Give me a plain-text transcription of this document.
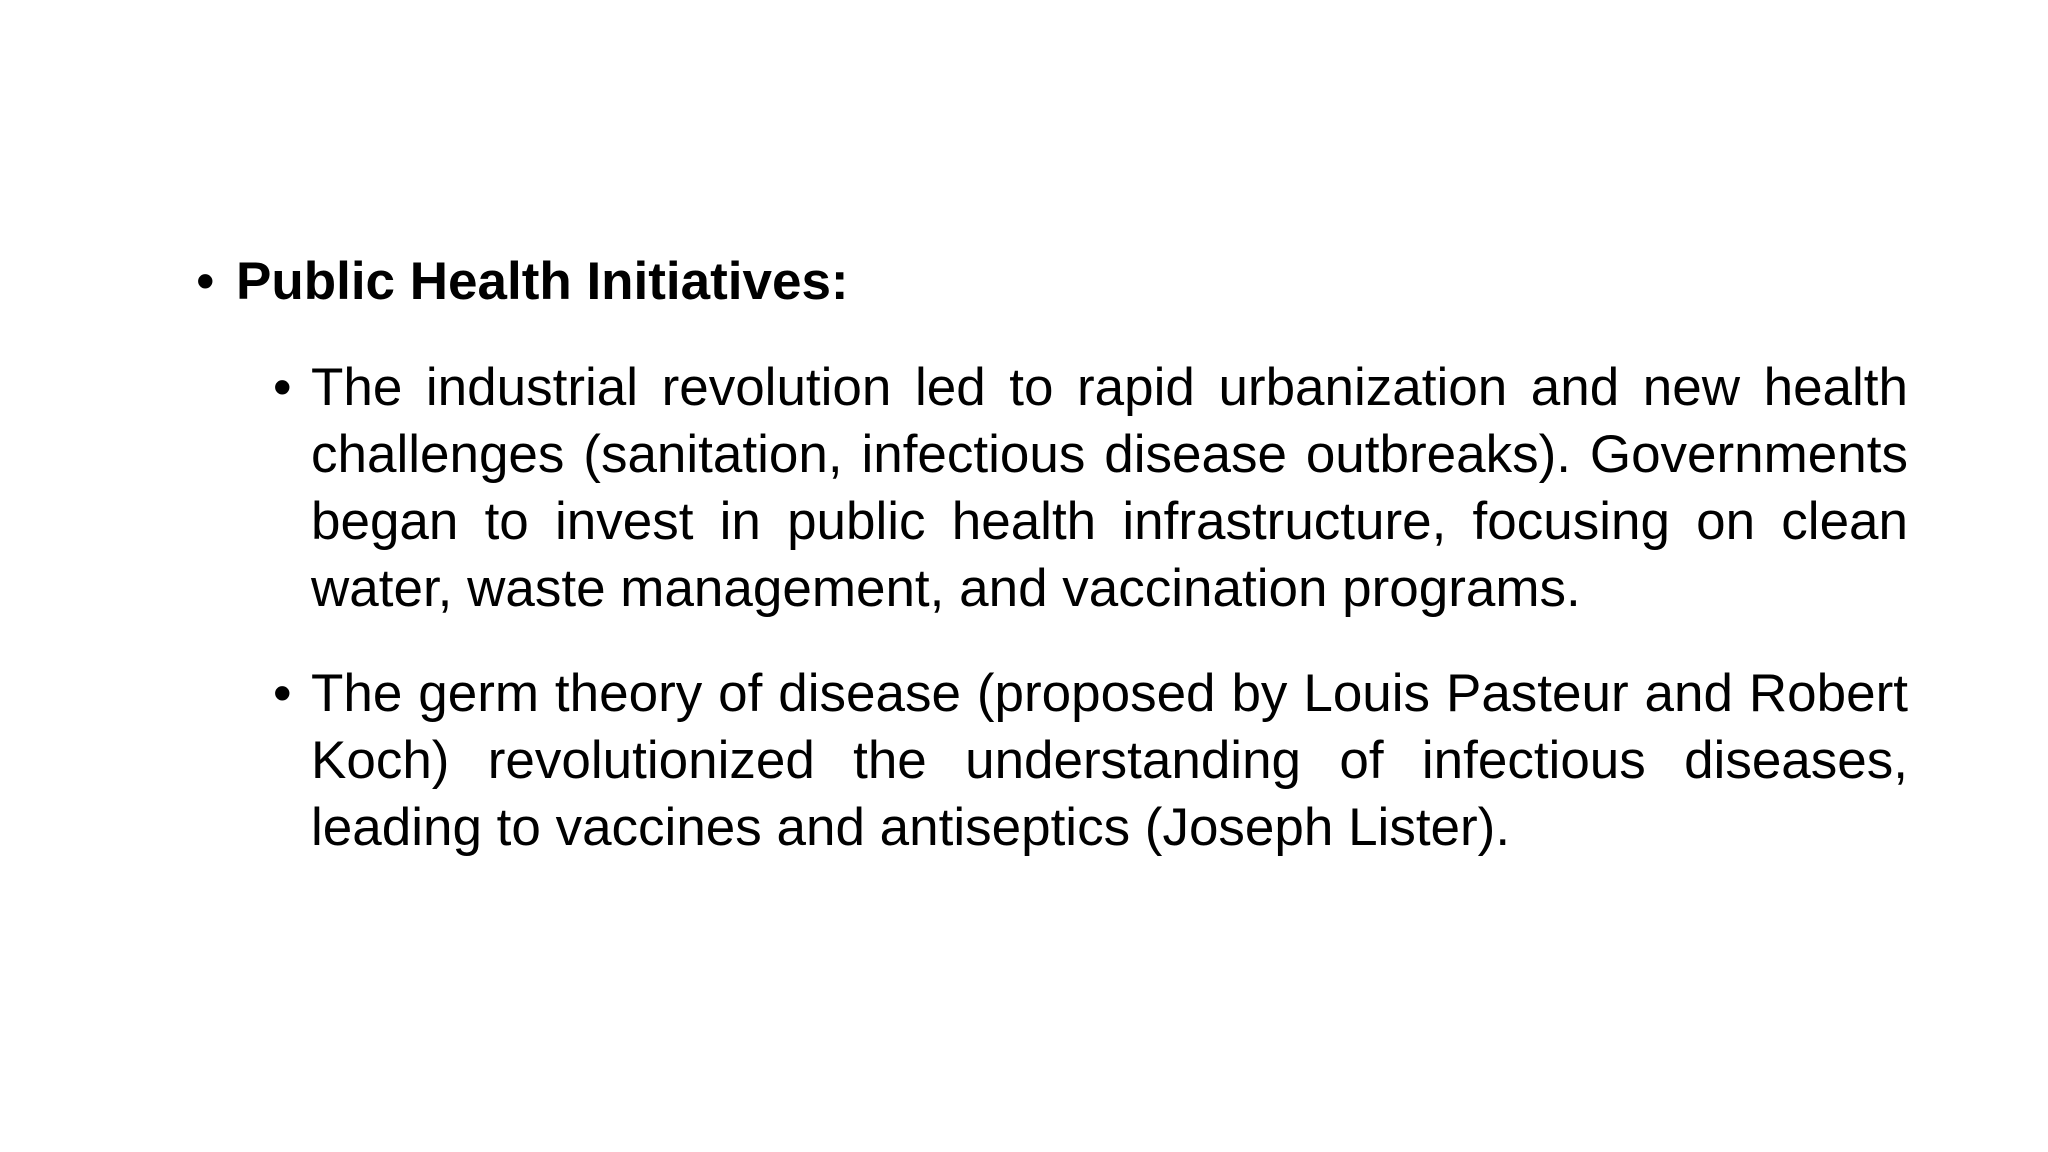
• Public Health Initiatives:
• The industrial revolution led to rapid urbanization and new health challenges (sanitation, infectious disease outbreaks). Governments began to invest in public health infrastructure, focusing on clean water, waste management, and vaccination programs.
• The germ theory of disease (proposed by Louis Pasteur and Robert Koch) revolutionized the understanding of infectious diseases, leading to vaccines and antiseptics (Joseph Lister).
